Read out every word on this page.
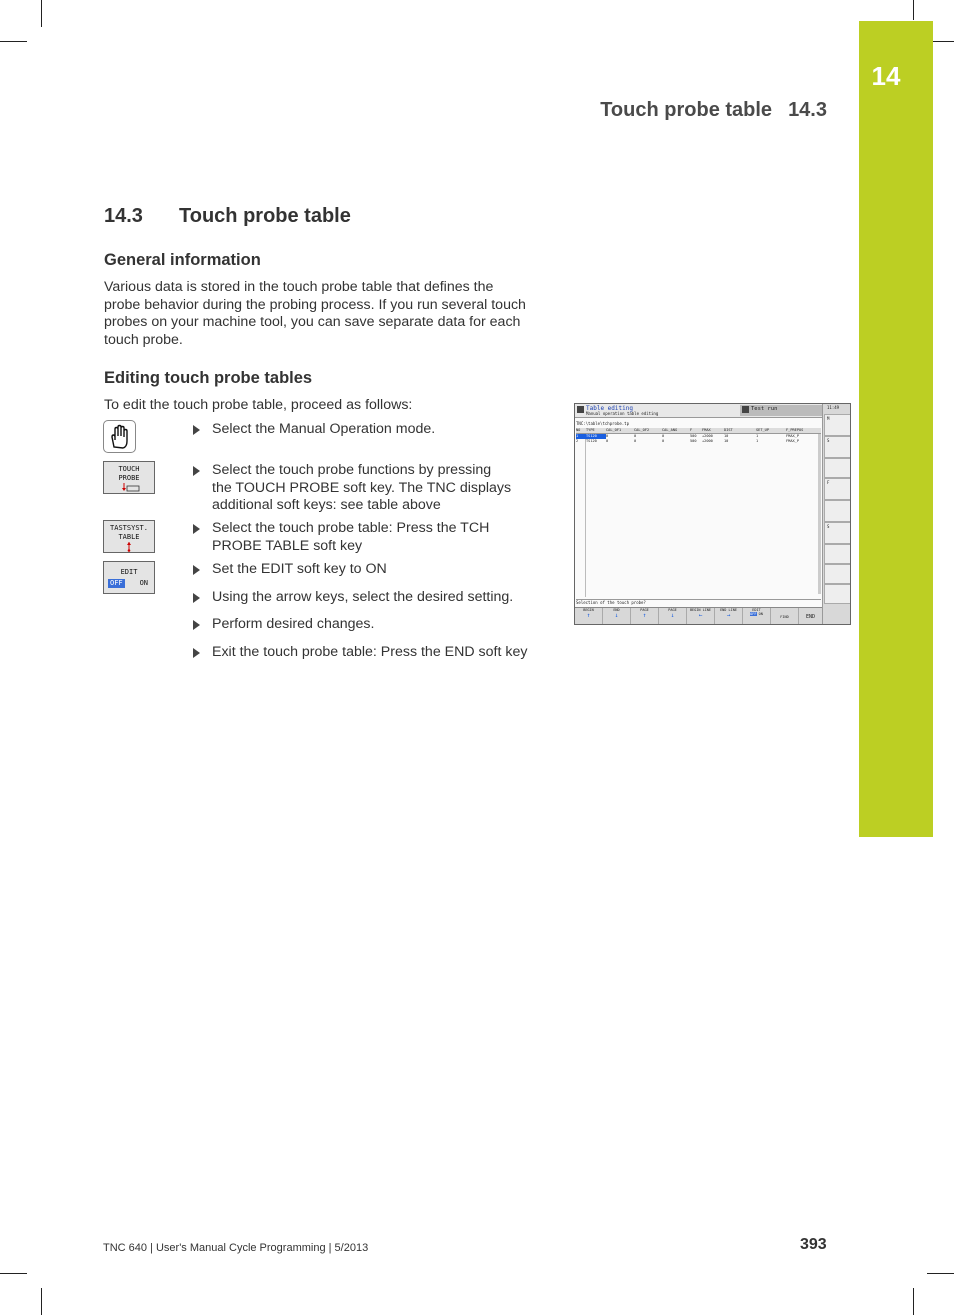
14
Touch probe table 14.3
14.3 Touch probe table
General information
Various data is stored in the touch probe table that defines the
probe behavior during the probing process. If you run several touch
probes on your machine tool, you can save separate data for each
touch probe.
Editing touch probe tables
To edit the touch probe table, proceed as follows:
TOUCH
PROBE
TASTSYST.
TABLE
EDIT
OFF ON
Select the Manual Operation mode.
Select the touch probe functions by pressing
the TOUCH PROBE soft key. The TNC displays
additional soft keys: see table above
Select the touch probe table: Press the TCH
PROBE TABLE soft key
Set the EDIT soft key to ON
Using the arrow keys, select the desired setting.
Perform desired changes.
Exit the touch probe table: Press the END soft key
Table editing
Manual operation table editing
Test run	11:49
M
S
F
S
TNC:\table\tchprobe.tp
NO	TYPE	CAL_OF1	CAL_OF2	CAL_ANG	F	FMAX	DIST	SET_UP	F_PREPOS
1	TS120	0	0	0	500	+2000	10	1	FMAX_P
2	TS120	0	0	0	500	+2000	10	1	FMAX_P
Selection of the touch probe?
BEGIN
↑
END
↓
PAGE
↑
PAGE
↓
BEGIN LINE
←
END LINE
→
EDIT
OFF ON
FIND	END
TNC 640 | User's Manual Cycle Programming | 5/2013	393
